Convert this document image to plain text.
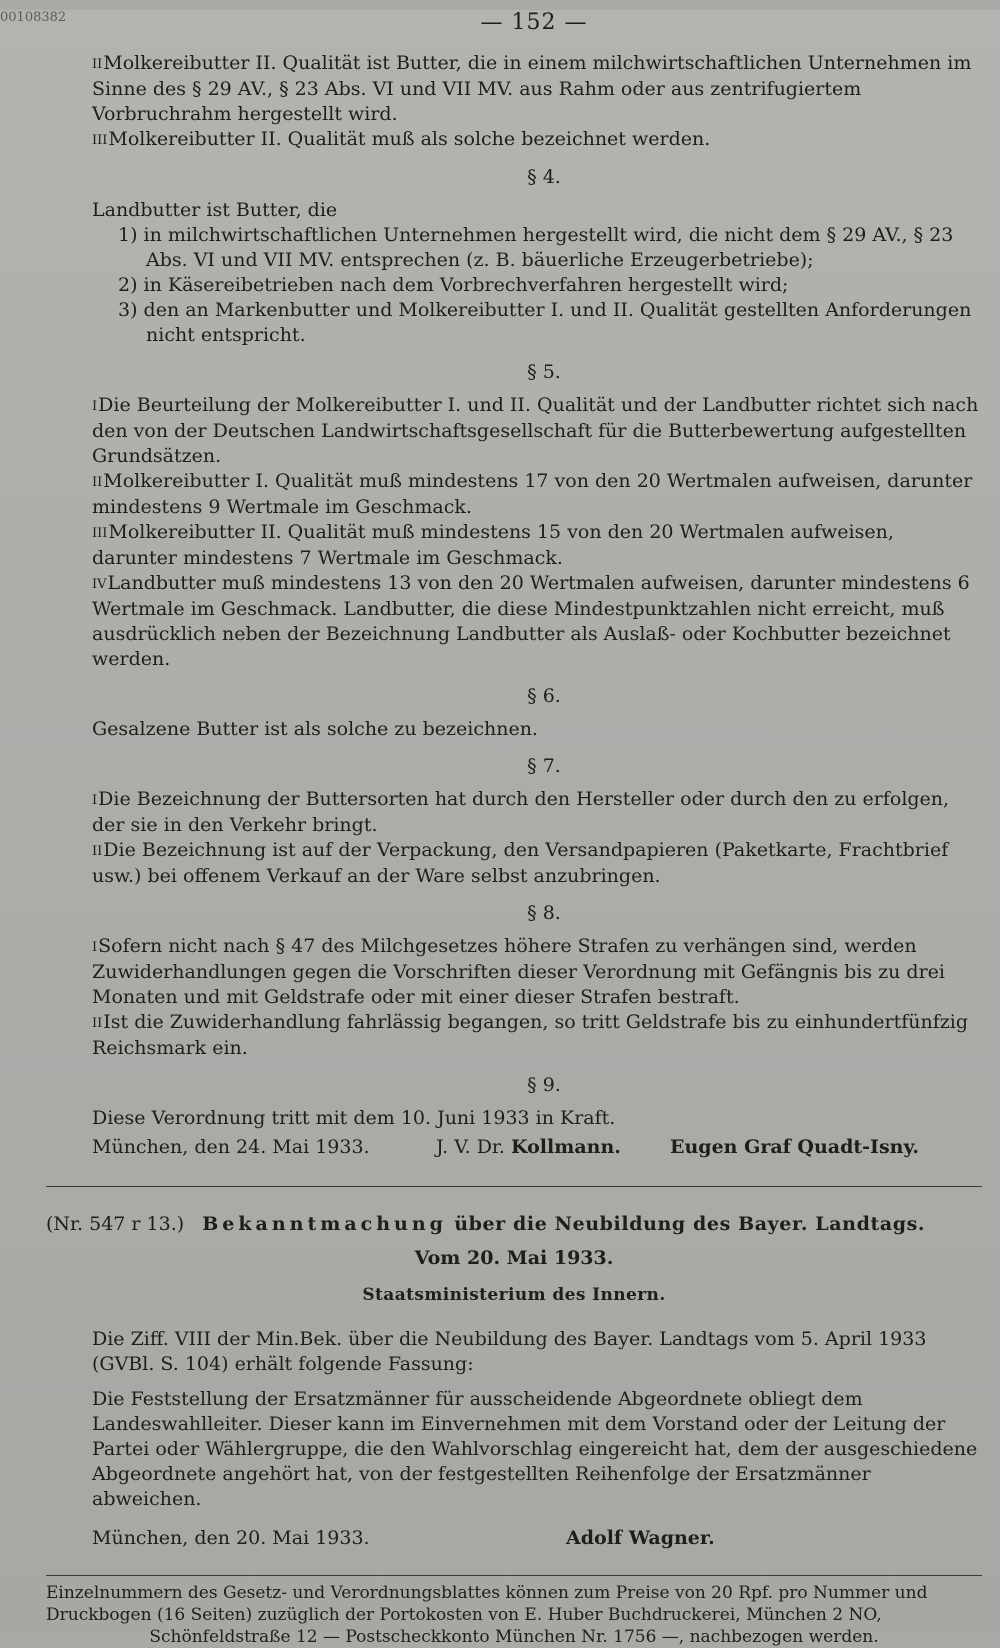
00108382	— 152 —

IIMolkereibutter II. Qualität ist Butter, die in einem milchwirtschaftlichen Unternehmen im Sinne des § 29 AV., § 23 Abs. VI und VII MV. aus Rahm oder aus zentrifugiertem Vorbruchrahm hergestellt wird.

IIIMolkereibutter II. Qualität muß als solche bezeichnet werden.

§ 4.

Landbutter ist Butter, die

1) in milchwirtschaftlichen Unternehmen hergestellt wird, die nicht dem § 29 AV., § 23 Abs. VI und VII MV. entsprechen (z. B. bäuerliche Erzeugerbetriebe);
2) in Käsereibetrieben nach dem Vorbrechverfahren hergestellt wird;
3) den an Markenbutter und Molkereibutter I. und II. Qualität gestellten Anforderungen nicht entspricht.
§ 5.

IDie Beurteilung der Molkereibutter I. und II. Qualität und der Landbutter richtet sich nach den von der Deutschen Landwirtschaftsgesellschaft für die Butterbewertung aufgestellten Grundsätzen.

IIMolkereibutter I. Qualität muß mindestens 17 von den 20 Wertmalen aufweisen, darunter mindestens 9 Wertmale im Geschmack.

IIIMolkereibutter II. Qualität muß mindestens 15 von den 20 Wertmalen aufweisen, darunter mindestens 7 Wertmale im Geschmack.

IVLandbutter muß mindestens 13 von den 20 Wertmalen aufweisen, darunter mindestens 6 Wertmale im Geschmack. Landbutter, die diese Mindestpunktzahlen nicht erreicht, muß ausdrücklich neben der Bezeichnung Landbutter als Auslaß- oder Kochbutter bezeichnet werden.

§ 6.

Gesalzene Butter ist als solche zu bezeichnen.

§ 7.

IDie Bezeichnung der Buttersorten hat durch den Hersteller oder durch den zu erfolgen, der sie in den Verkehr bringt.

IIDie Bezeichnung ist auf der Verpackung, den Versandpapieren (Paketkarte, Frachtbrief usw.) bei offenem Verkauf an der Ware selbst anzubringen.

§ 8.

ISofern nicht nach § 47 des Milchgesetzes höhere Strafen zu verhängen sind, werden Zuwiderhandlungen gegen die Vorschriften dieser Verordnung mit Gefängnis bis zu drei Monaten und mit Geldstrafe oder mit einer dieser Strafen bestraft.

IIIst die Zuwiderhandlung fahrlässig begangen, so tritt Geldstrafe bis zu einhundertfünfzig Reichsmark ein.

§ 9.

Diese Verordnung tritt mit dem 10. Juni 1933 in Kraft.

München, den 24. Mai 1933.	J. V. Dr. Kollmann.	Eugen Graf Quadt-Isny.
(Nr. 547 r 13.) Bekanntmachung über die Neubildung des Bayer. Landtags.
Vom 20. Mai 1933.
Staatsministerium des Innern.

Die Ziff. VIII der Min.Bek. über die Neubildung des Bayer. Landtags vom 5. April 1933 (GVBl. S. 104) erhält folgende Fassung:

Die Feststellung der Ersatzmänner für ausscheidende Abgeordnete obliegt dem Landeswahlleiter. Dieser kann im Einvernehmen mit dem Vorstand oder der Leitung der Partei oder Wählergruppe, die den Wahlvorschlag eingereicht hat, dem der ausgeschiedene Abgeordnete angehört hat, von der festgestellten Reihenfolge der Ersatzmänner abweichen.

München, den 20. Mai 1933.	Adolf Wagner.

Einzelnummern des Gesetz- und Verordnungsblattes können zum Preise von 20 Rpf. pro Nummer und Druckbogen (16 Seiten) zuzüglich der Portokosten von E. Huber Buchdruckerei, München 2 NO,

Schönfeldstraße 12 — Postscheckkonto München Nr. 1756 —, nachbezogen werden.
